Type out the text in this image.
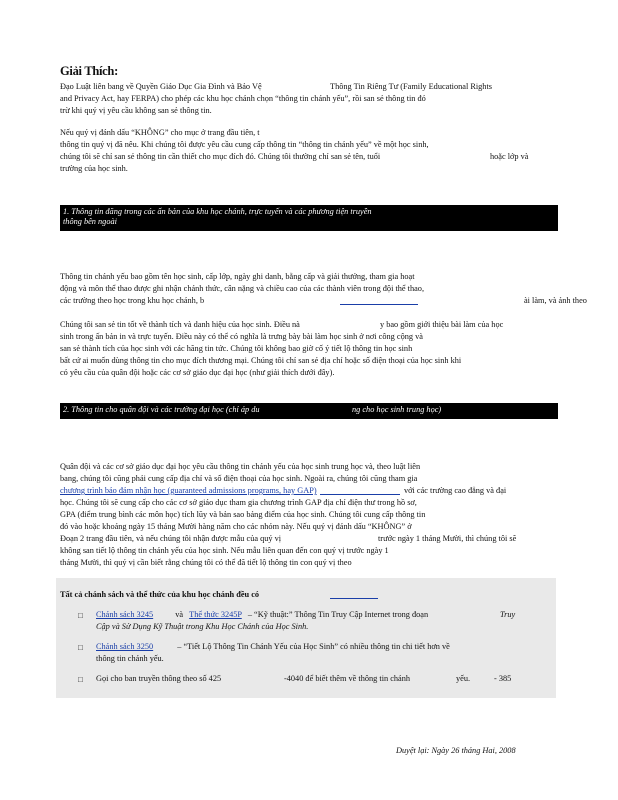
Giải Thích:
Đạo Luật liên bang về Quyền Giáo Dục Gia Đình và Bảo Vệ	Thông Tin Riêng Tư (Family Educational Rights
and Privacy Act, hay FERPA) cho phép các khu học chánh chọn “thông tin chánh yếu”, rồi san sẻ thông tin đó
trừ khi quý vị yêu cầu không san sẻ thông tin.
Nếu quý vị đánh dấu “KHÔNG” cho mục ở trang đầu tiên, t
thông tin quý vị đã nêu. Khi chúng tôi được yêu cầu cung cấp thông tin “thông tin chánh yếu” về một học sinh,
chúng tôi sẽ chỉ san sẻ thông tin cần thiết cho mục đích đó. Chúng tôi thường chỉ san sẻ tên, tuổi	hoặc lớp và
trường của học sinh.
1. Thông tin đăng trong các ấn bản của khu học chánh, trực tuyến và các phương tiện truyền
thông bên ngoài
Thông tin chánh yếu bao gồm tên học sinh, cấp lớp, ngày ghi danh, bằng cấp và giải thưởng, tham gia hoạt
động và môn thể thao được ghi nhận chánh thức, cân nặng và chiều cao của các thành viên trong đội thể thao,
các trường theo học trong khu học chánh, b	ài làm, và ảnh theo
Chúng tôi san sẻ tin tốt về thành tích và danh hiệu của học sinh. Điều nà	y bao gồm giới thiệu bài làm của học
sinh trong ấn bản in và trực tuyến. Điều này có thể có nghĩa là trưng bày bài làm học sinh ở nơi công cộng và
san sẻ thành tích của học sinh với các hãng tin tức. Chúng tôi không bao giờ cố ý tiết lộ thông tin học sinh
bất cứ ai muốn dùng thông tin cho mục đích thương mại. Chúng tôi chỉ san sẻ địa chỉ hoặc số điện thoại của học sinh khi
có yêu cầu của quân đội hoặc các cơ sở giáo dục đại học (như giải thích dưới đây).
2. Thông tin cho quân đội và các trường đại học (chỉ áp du	ng cho học sinh trung học)
Quân đội và các cơ sở giáo dục đại học yêu cầu thông tin chánh yếu của học sinh trung học và, theo luật liên
bang, chúng tôi cũng phải cung cấp địa chỉ và số điện thoại của học sinh. Ngoài ra, chúng tôi cũng tham gia
chương trình bảo đảm nhận học (guaranteed admissions programs, hay GAP)	với các trường cao đẳng và đại
học. Chúng tôi sẽ cung cấp cho các cơ sở giáo dục tham gia chương trình GAP địa chỉ điện thư trong hồ sơ,
GPA (điểm trung bình các môn học) tích lũy và bản sao bảng điểm của học sinh. Chúng tôi cung cấp thông tin
đó vào hoặc khoảng ngày 15 tháng Mười hàng năm cho các nhóm này. Nếu quý vị đánh dấu “KHÔNG” ở
Đoạn 2 trang đầu tiên, và nếu chúng tôi nhận được mẫu của quý vị	trước ngày 1 tháng Mười, thì chúng tôi sẽ
không san tiết lộ thông tin chánh yếu của học sinh. Nếu mẫu liên quan đến con quý vị trước ngày 1
tháng Mười, thì quý vị cần biết rằng chúng tôi có thể đã tiết lộ thông tin con quý vị theo
Tất cả chánh sách và thể thức của khu học chánh đều có
□ Chánh sách 3245	và Thể thức 3245P – “Kỹ thuật:” Thông Tin Truy Cập Internet trong đoạn	Truy
Cập và Sử Dụng Kỹ Thuật trong Khu Học Chánh của Học Sinh.
□ Chánh sách 3250	– “Tiết Lộ Thông Tin Chánh Yếu của Học Sinh” có nhiều thông tin chi tiết hơn về
thông tin chánh yếu.
□ Gọi cho ban truyền thông theo số 425	-4040 để biết thêm về thông tin chánh	yếu.	- 385
Duyệt lại: Ngày 26 tháng Hai, 2008
